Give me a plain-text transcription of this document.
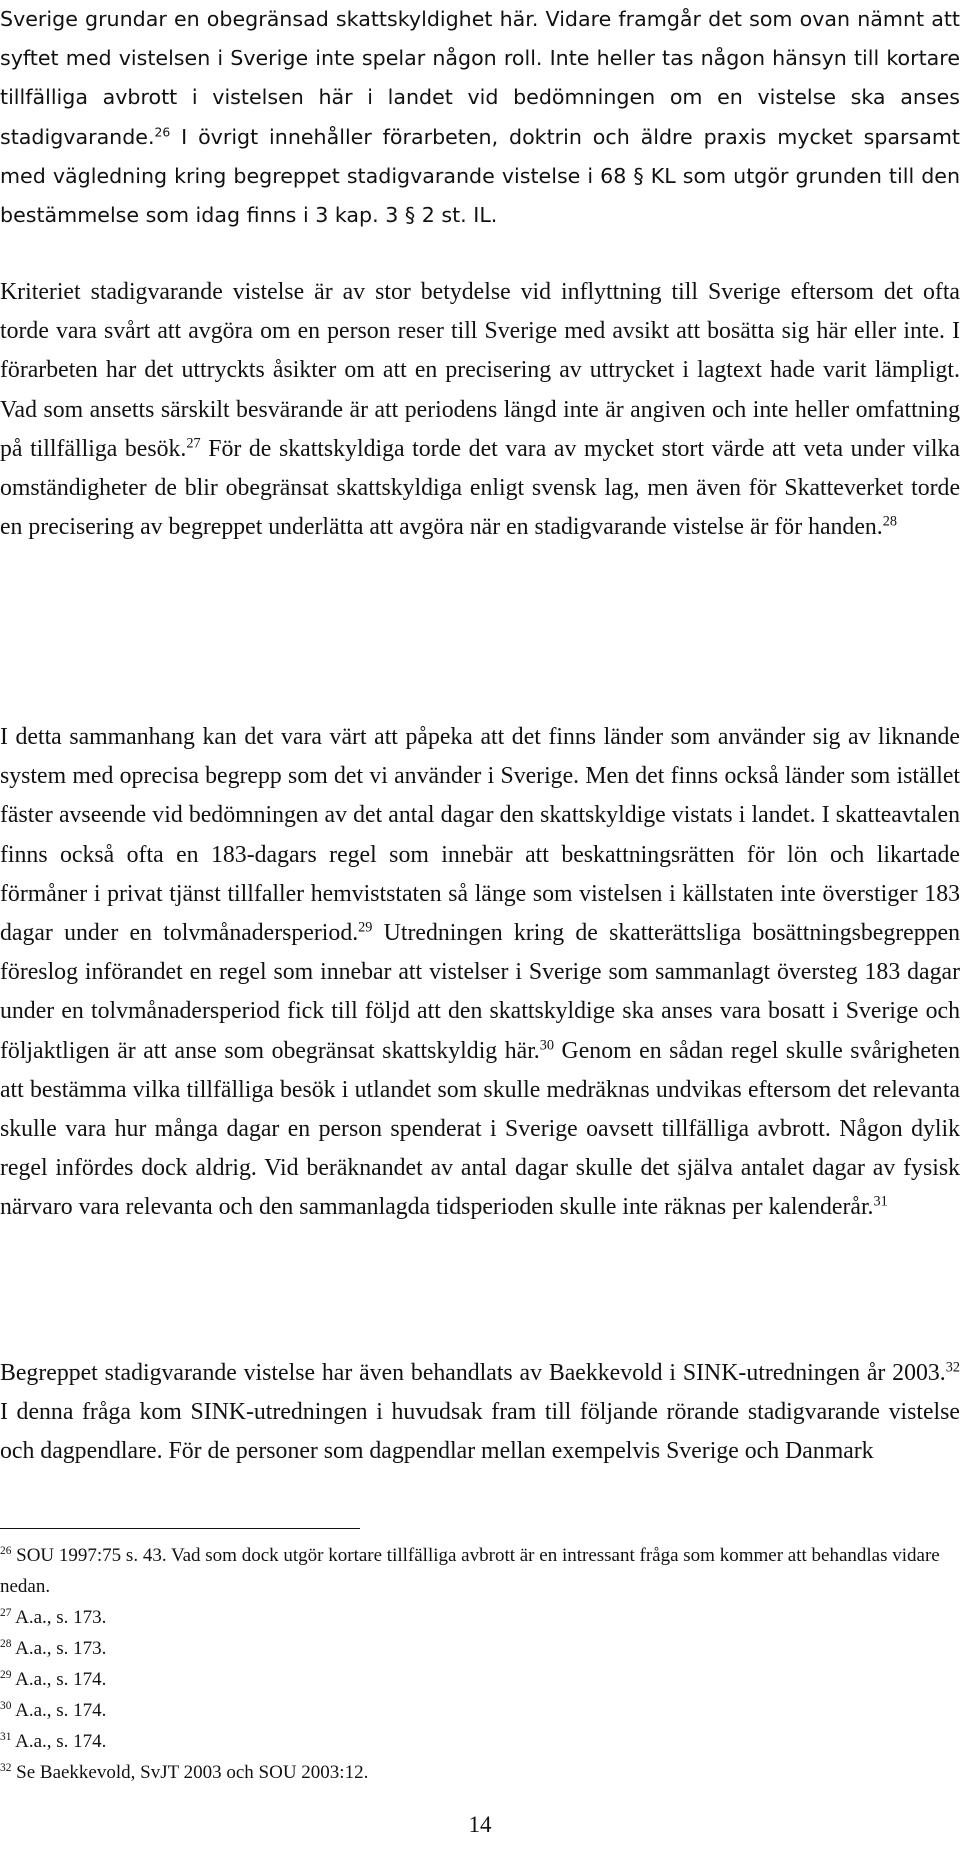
Sverige grundar en obegränsad skattskyldighet här. Vidare framgår det som ovan nämnt att syftet med vistelsen i Sverige inte spelar någon roll. Inte heller tas någon hänsyn till kortare tillfälliga avbrott i vistelsen här i landet vid bedömningen om en vistelse ska anses stadigvarande.$^{26}$ I övrigt innehåller förarbeten, doktrin och äldre praxis mycket sparsamt med vägledning kring begreppet stadigvarande vistelse i 68 § KL som utgör grunden till den bestämmelse som idag finns i 3 kap. 3 § 2 st. IL.

Kriteriet stadigvarande vistelse är av stor betydelse vid inflyttning till Sverige eftersom det ofta torde vara svårt att avgöra om en person reser till Sverige med avsikt att bosätta sig här eller inte. I förarbeten har det uttryckts åsikter om att en precisering av uttrycket i lagtext hade varit lämpligt. Vad som ansetts särskilt besvärande är att periodens längd inte är angiven och inte heller omfattning på tillfälliga besök.$^{27}$ För de skattskyldiga torde det vara av mycket stort värde att veta under vilka omständigheter de blir obegränsat skattskyldiga enligt svensk lag, men även för Skatteverket torde en precisering av begreppet underlätta att avgöra när en stadigvarande vistelse är för handen.$^{28}$

I detta sammanhang kan det vara värt att påpeka att det finns länder som använder sig av liknande system med oprecisa begrepp som det vi använder i Sverige. Men det finns också länder som istället fäster avseende vid bedömningen av det antal dagar den skattskyldige vistats i landet. I skatteavtalen finns också ofta en 183-dagars regel som innebär att beskattningsrätten för lön och likartade förmåner i privat tjänst tillfaller hemviststaten så länge som vistelsen i källstaten inte överstiger 183 dagar under en tolvmånadersperiod.$^{29}$ Utredningen kring de skatterättsliga bosättningsbegreppen föreslog införandet en regel som innebar att vistelser i Sverige som sammanlagt översteg 183 dagar under en tolvmånadersperiod fick till följd att den skattskyldige ska anses vara bosatt i Sverige och följaktligen är att anse som obegränsat skattskyldig här.$^{30}$ Genom en sådan regel skulle svårigheten att bestämma vilka tillfälliga besök i utlandet som skulle medräknas undvikas eftersom det relevanta skulle vara hur många dagar en person spenderat i Sverige oavsett tillfälliga avbrott. Någon dylik regel infördes dock aldrig. Vid beräknandet av antal dagar skulle det själva antalet dagar av fysisk närvaro vara relevanta och den sammanlagda tidsperioden skulle inte räknas per kalenderår.$^{31}$

Begreppet stadigvarande vistelse har även behandlats av Baekkevold i SINK-utredningen år 2003.32 I denna fråga kom SINK-utredningen i huvudsak fram till följande rörande stadigvarande vistelse och dagpendlare. För de personer som dagpendlar mellan exempelvis Sverige och Danmark

$^{26}$ SOU 1997:75 s. 43. Vad som dock utgör kortare tillfälliga avbrott är en intressant fråga som kommer att behandlas vidare nedan.

$^{27}$ A.a., s. 173.

$^{28}$ A.a., s. 173.

$^{29}$ A.a., s. 174.

$^{30}$ A.a., s. 174.

$^{31}$ A.a., s. 174.

$^{32}$ Se Baekkevold, SvJT 2003 och SOU 2003:12.

14
